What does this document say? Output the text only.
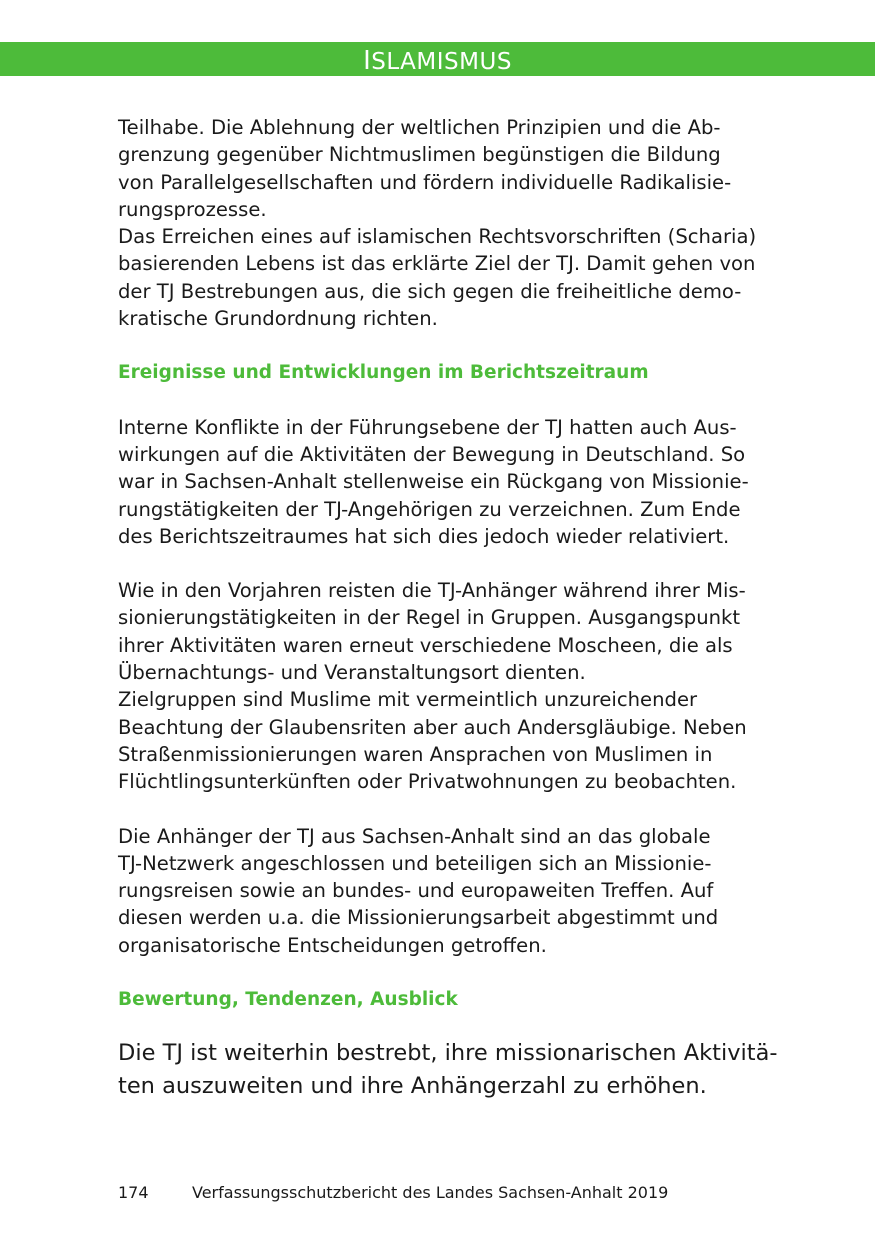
ISLAMISMUS

Teilhabe. Die Ablehnung der weltlichen Prinzipien und die Ab-
grenzung gegenüber Nichtmuslimen begünstigen die Bildung
von Parallelgesellschaften und fördern individuelle Radikalisie-
rungsprozesse.
Das Erreichen eines auf islamischen Rechtsvorschriften (Scharia)
basierenden Lebens ist das erklärte Ziel der TJ. Damit gehen von
der TJ Bestrebungen aus, die sich gegen die freiheitliche demo-
kratische Grundordnung richten.

Ereignisse und Entwicklungen im Berichtszeitraum

Interne Konflikte in der Führungsebene der TJ hatten auch Aus-
wirkungen auf die Aktivitäten der Bewegung in Deutschland. So
war in Sachsen-Anhalt stellenweise ein Rückgang von Missionie-
rungstätigkeiten der TJ-Angehörigen zu verzeichnen. Zum Ende
des Berichtszeitraumes hat sich dies jedoch wieder relativiert.

Wie in den Vorjahren reisten die TJ-Anhänger während ihrer Mis-
sionierungstätigkeiten in der Regel in Gruppen. Ausgangspunkt
ihrer Aktivitäten waren erneut verschiedene Moscheen, die als
Übernachtungs- und Veranstaltungsort dienten.
Zielgruppen sind Muslime mit vermeintlich unzureichender
Beachtung der Glaubensriten aber auch Andersgläubige. Neben
Straßenmissionierungen waren Ansprachen von Muslimen in
Flüchtlingsunterkünften oder Privatwohnungen zu beobachten.

Die Anhänger der TJ aus Sachsen-Anhalt sind an das globale
TJ-Netzwerk angeschlossen und beteiligen sich an Missionie-
rungsreisen sowie an bundes- und europaweiten Treffen. Auf
diesen werden u.a. die Missionierungsarbeit abgestimmt und
organisatorische Entscheidungen getroffen.

Bewertung, Tendenzen, Ausblick

Die TJ ist weiterhin bestrebt, ihre missionarischen Aktivitä-
ten auszuweiten und ihre Anhängerzahl zu erhöhen.

174	Verfassungsschutzbericht des Landes Sachsen-Anhalt 2019
